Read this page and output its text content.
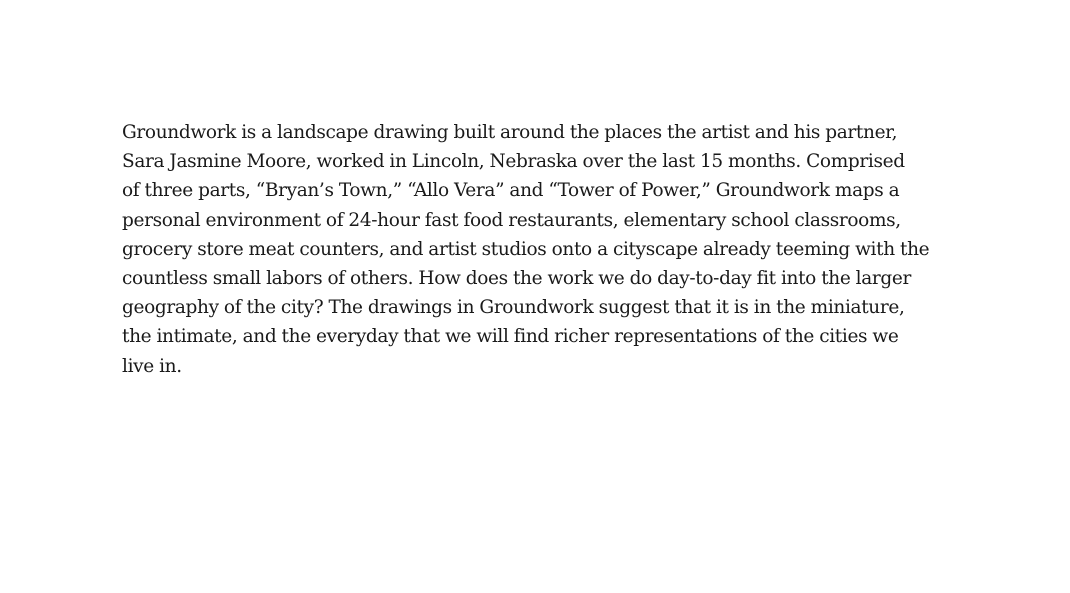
Groundwork is a landscape drawing built around the places the artist and his partner,
Sara Jasmine Moore, worked in Lincoln, Nebraska over the last 15 months. Comprised
of three parts, “Bryan’s Town,” “Allo Vera” and “Tower of Power,” Groundwork maps a
personal environment of 24-hour fast food restaurants, elementary school classrooms,
grocery store meat counters, and artist studios onto a cityscape already teeming with the
countless small labors of others. How does the work we do day-to-day fit into the larger
geography of the city? The drawings in Groundwork suggest that it is in the miniature,
the intimate, and the everyday that we will find richer representations of the cities we
live in.
